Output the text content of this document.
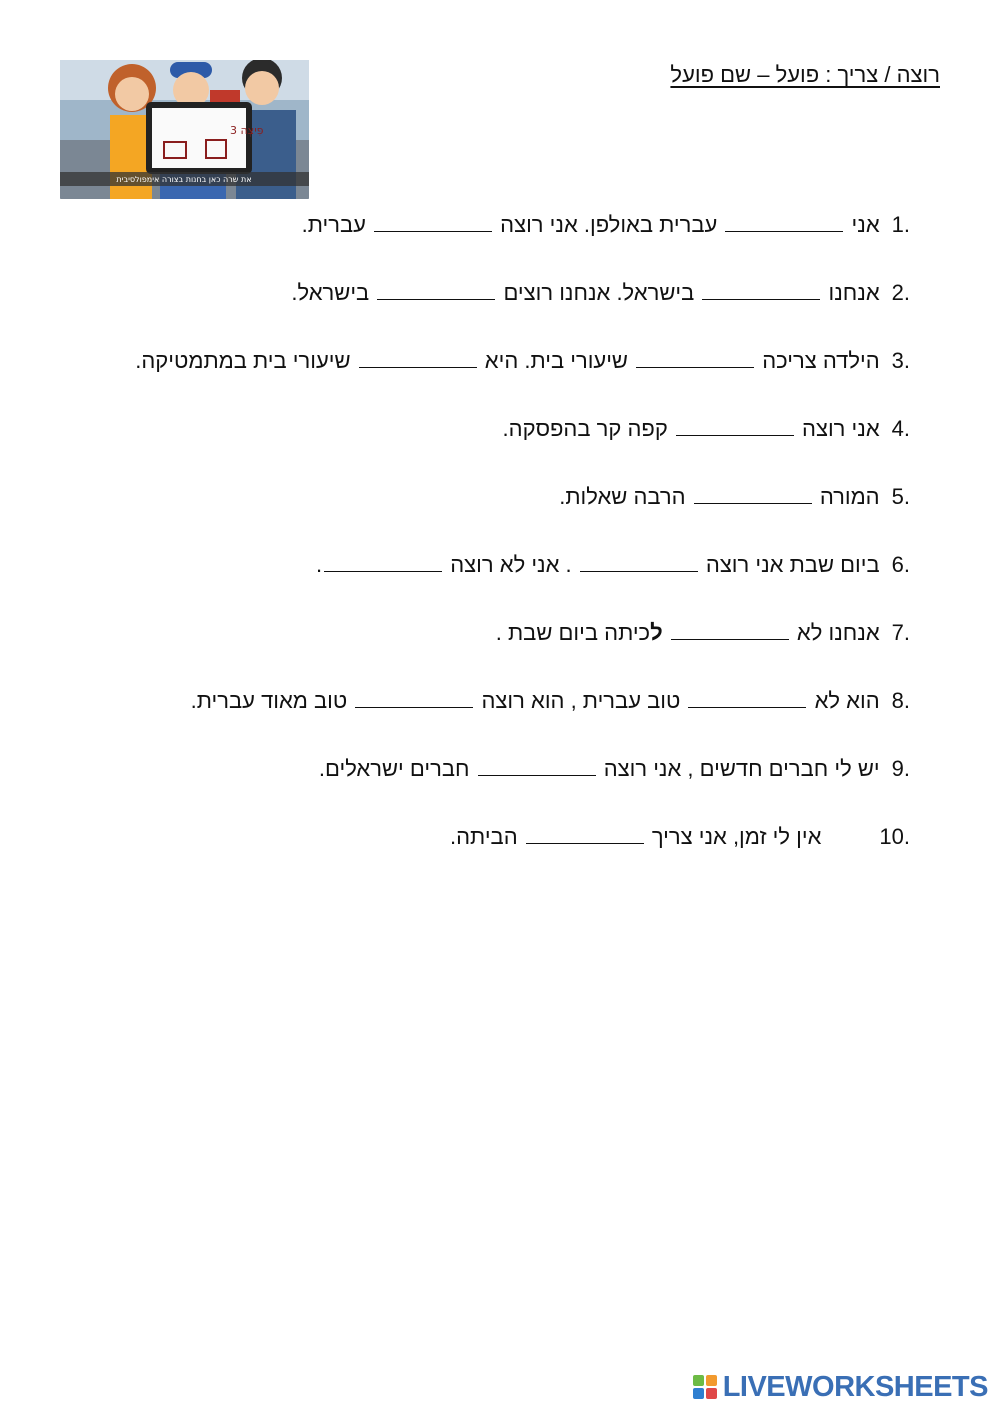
רוצה / צריך : פועל – שם פועל
3 פִּיצְה
את שרה כאן בחנות בצורה אימפולסיבית
1.אני  עברית באולפן. אני רוצה  עברית.
2.אנחנו  בישראל. אנחנו רוצים  בישראל.
3.הילדה צריכה  שיעורי בית. היא  שיעורי בית במתמטיקה.
4.אני רוצה  קפה קר בהפסקה.
5.המורה  הרבה שאלות.
6.ביום שבת אני רוצה  . אני לא רוצה .
7.אנחנו לא  לכיתה ביום שבת .
8.הוא לא  טוב עברית , הוא רוצה  טוב מאוד עברית.
9.יש לי חברים חדשים , אני רוצה  חברים ישראלים.
10.אין לי זמן, אני צריך  הביתה.
LIVEWORKSHEETS
